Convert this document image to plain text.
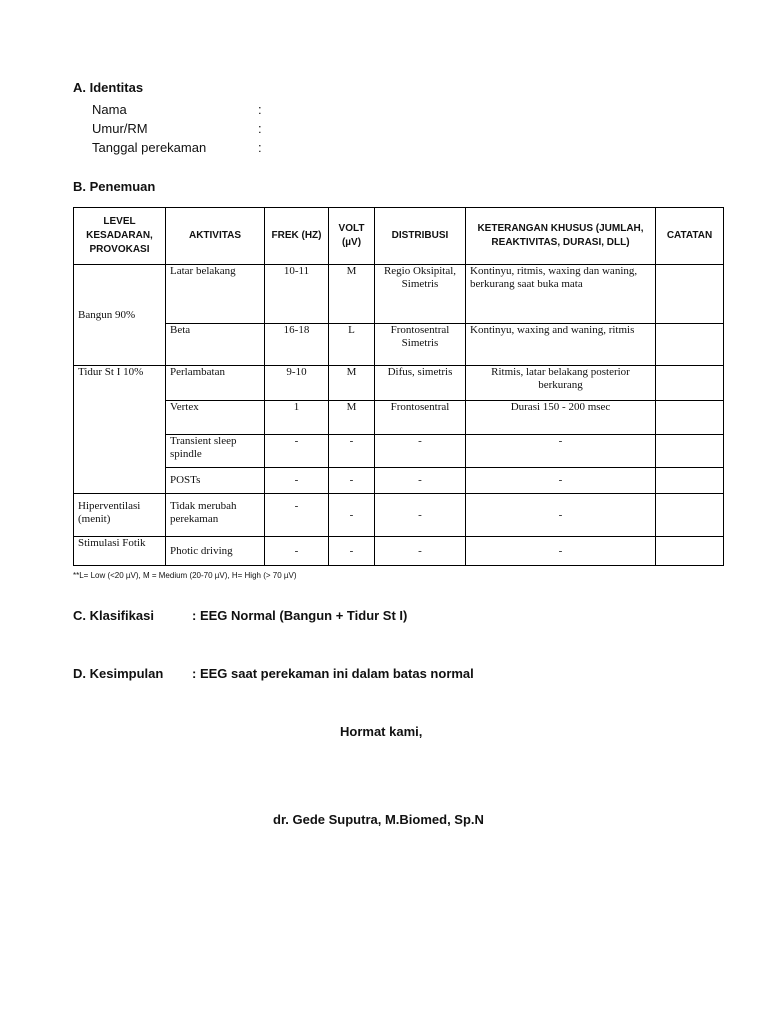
A. Identitas
Nama	:
Umur/RM	:
Tanggal perekaman	:
B. Penemuan
LEVEL KESADARAN, PROVOKASI	AKTIVITAS	FREK (HZ)	VOLT (µV)	DISTRIBUSI	KETERANGAN KHUSUS (JUMLAH, REAKTIVITAS, DURASI, DLL)	CATATAN
Bangun 90%	Latar belakang	10-11	M	Regio Oksipital, Simetris	Kontinyu, ritmis, waxing dan waning, berkurang saat buka mata	
	Beta	16-18	L	Frontosentral Simetris	Kontinyu, waxing and waning, ritmis	
Tidur St I 10%	Perlambatan	9-10	M	Difus, simetris	Ritmis, latar belakang posterior berkurang	
	Vertex	1	M	Frontosentral	Durasi 150 - 200 msec	
	Transient sleep spindle	-	-	-	-	
	POSTs	-	-	-	-	
Hiperventilasi (menit)	Tidak merubah perekaman	-	-	-	-	
Stimulasi Fotik	Photic driving	-	-	-	-	
**L= Low (<20 µV), M = Medium (20-70 µV), H= High (> 70 µV)
C. Klasifikasi	: EEG Normal (Bangun + Tidur St I)
D. Kesimpulan : EEG saat perekaman ini dalam batas normal
Hormat kami,
dr. Gede Suputra, M.Biomed, Sp.N
